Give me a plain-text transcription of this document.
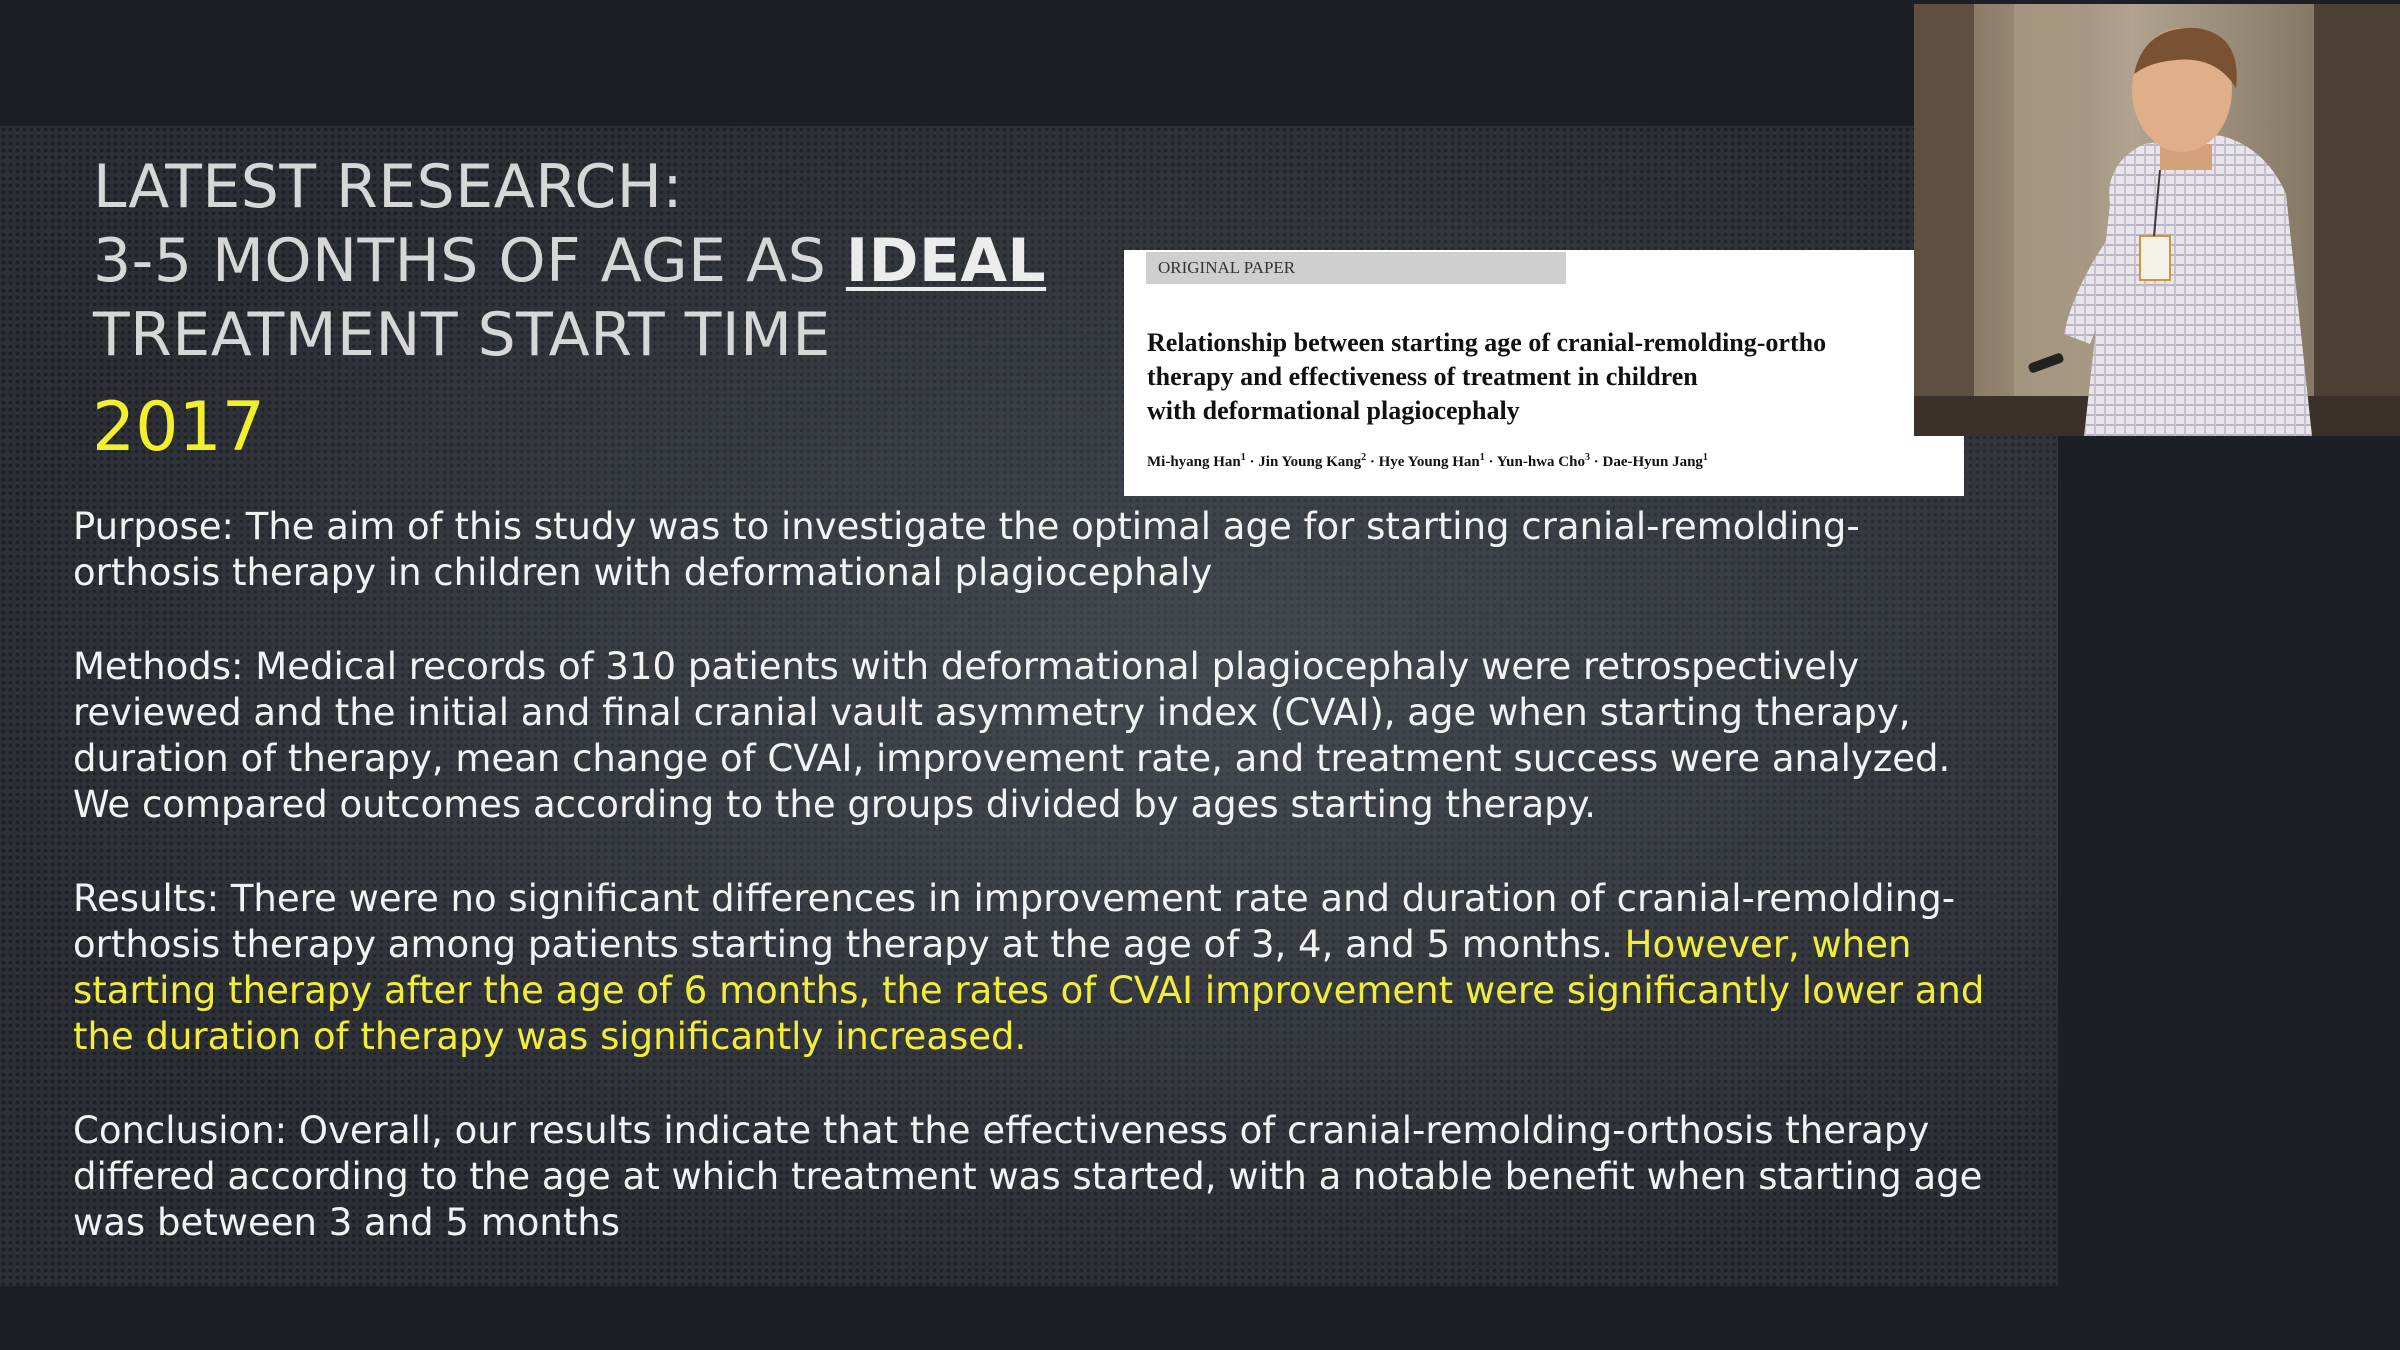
LATEST RESEARCH:
3-5 MONTHS OF AGE AS IDEAL
TREATMENT START TIME
2017
ORIGINAL PAPER
Relationship between starting age of cranial-remolding-ortho
therapy and effectiveness of treatment in children
with deformational plagiocephaly
Mi-hyang Han$^1$ · Jin Young Kang$^2$ · Hye Young Han$^1$ · Yun-hwa Cho$^3$ · Dae-Hyun Jang$^1$

Purpose: The aim of this study was to investigate the optimal age for starting cranial-remolding-orthosis therapy in children with deformational plagiocephaly

Methods: Medical records of 310 patients with deformational plagiocephaly were retrospectively reviewed and the initial and final cranial vault asymmetry index (CVAI), age when starting therapy, duration of therapy, mean change of CVAI, improvement rate, and treatment success were analyzed. We compared outcomes according to the groups divided by ages starting therapy.

Results: There were no significant differences in improvement rate and duration of cranial-remolding-orthosis therapy among patients starting therapy at the age of 3, 4, and 5 months. However, when starting therapy after the age of 6 months, the rates of CVAI improvement were significantly lower and the duration of therapy was significantly increased.

Conclusion: Overall, our results indicate that the effectiveness of cranial-remolding-orthosis therapy differed according to the age at which treatment was started, with a notable benefit when starting age was between 3 and 5 months
